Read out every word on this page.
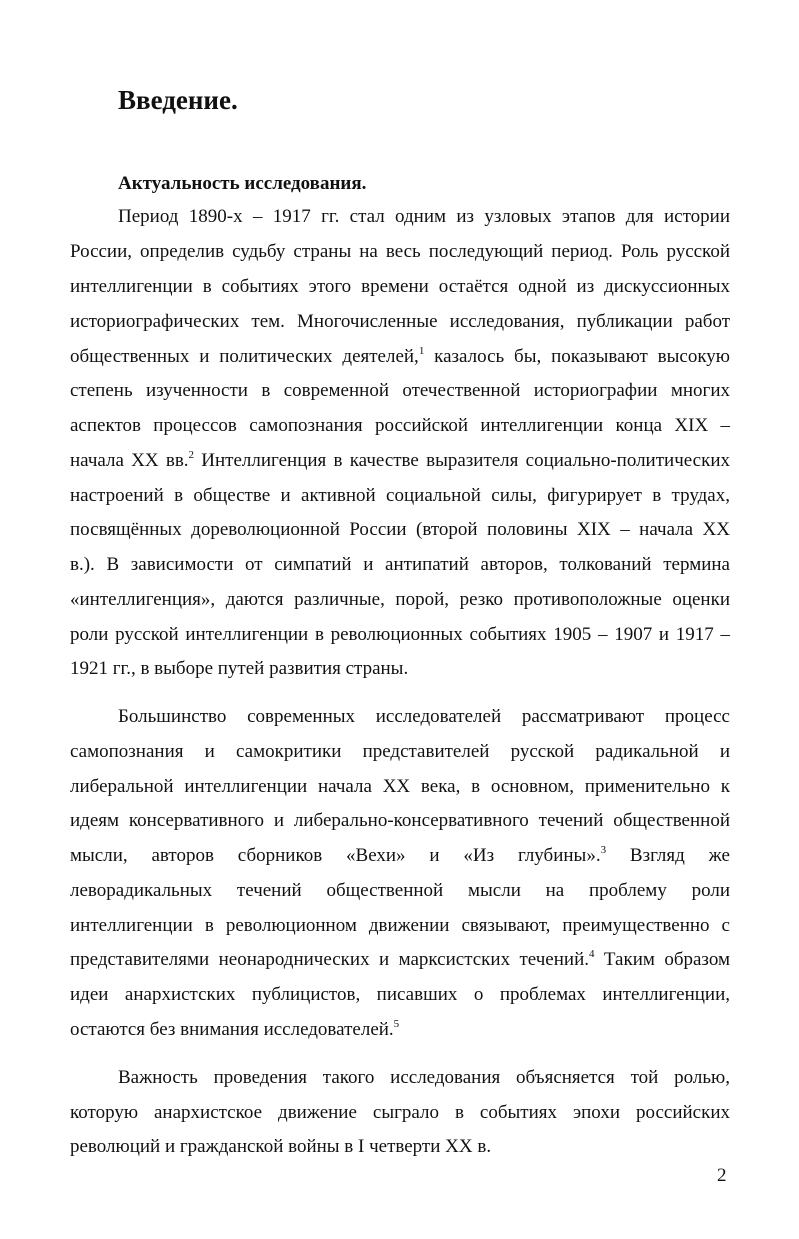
Введение.
Актуальность исследования.
Период 1890-х – 1917 гг. стал одним из узловых этапов для истории
России, определив судьбу страны на весь последующий период. Роль русской
интеллигенции в событиях этого времени остаётся одной из дискуссионных
историографических тем. Многочисленные исследования, публикации работ
общественных и политических деятелей,$^1$ казалось бы, показывают высокую
степень изученности в современной отечественной историографии многих
аспектов процессов самопознания российской интеллигенции конца XIX –
начала XX вв.$^2$ Интеллигенция в качестве выразителя социально-политических
настроений в обществе и активной социальной силы, фигурирует в трудах,
посвящённых дореволюционной России (второй половины XIX – начала XX
в.). В зависимости от симпатий и антипатий авторов, толкований термина
«интеллигенция», даются различные, порой, резко противоположные оценки
роли русской интеллигенции в революционных событиях 1905 – 1907 и 1917 –
1921 гг., в выборе путей развития страны.
Большинство современных исследователей рассматривают процесс
самопознания и самокритики представителей русской радикальной и
либеральной интеллигенции начала XX века, в основном, применительно к
идеям консервативного и либерально-консервативного течений общественной
мысли, авторов сборников «Вехи» и «Из глубины».$^3$ Взгляд же
леворадикальных течений общественной мысли на проблему роли
интеллигенции в революционном движении связывают, преимущественно с
представителями неонароднических и марксистских течений.$^4$ Таким образом
идеи анархистских публицистов, писавших о проблемах интеллигенции,
остаются без внимания исследователей.$^5$
Важность проведения такого исследования объясняется той ролью,
которую анархистское движение сыграло в событиях эпохи российских
революций и гражданской войны в I четверти XX в.
2
